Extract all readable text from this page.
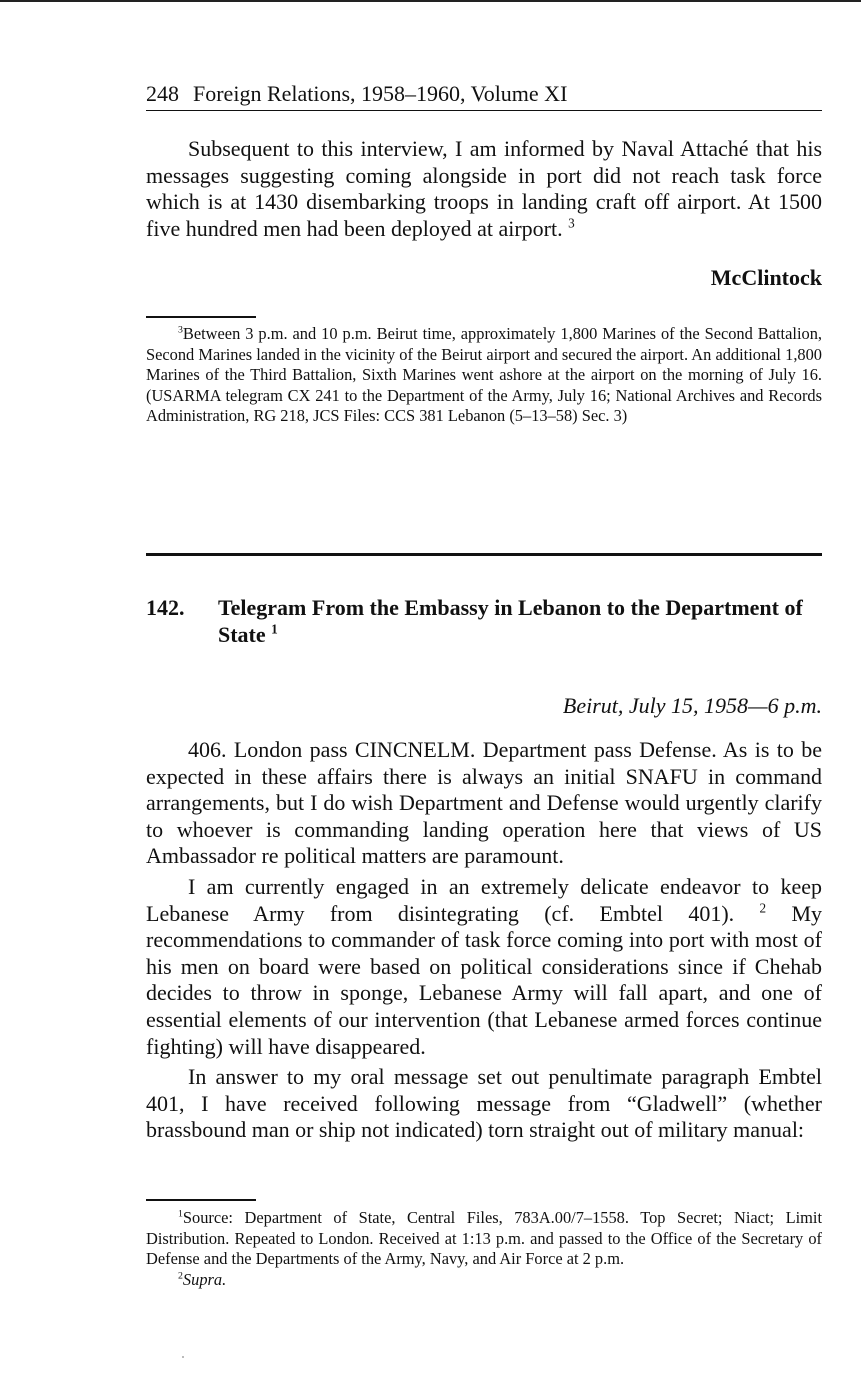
248 Foreign Relations, 1958–1960, Volume XI

Subsequent to this interview, I am informed by Naval Attaché that his messages suggesting coming alongside in port did not reach task force which is at 1430 disembarking troops in landing craft off airport. At 1500 five hundred men had been deployed at airport. $^3$

McClintock

$^3$Between 3 p.m. and 10 p.m. Beirut time, approximately 1,800 Marines of the Second Battalion, Second Marines landed in the vicinity of the Beirut airport and secured the airport. An additional 1,800 Marines of the Third Battalion, Sixth Marines went ashore at the airport on the morning of July 16. (USARMA telegram CX 241 to the Department of the Army, July 16; National Archives and Records Administration, RG 218, JCS Files: CCS 381 Lebanon (5–13–58) Sec. 3)

142. Telegram From the Embassy in Lebanon to the Department of State $^1$
Beirut, July 15, 1958—6 p.m.

406. London pass CINCNELM. Department pass Defense. As is to be expected in these affairs there is always an initial SNAFU in command arrangements, but I do wish Department and Defense would urgently clarify to whoever is commanding landing operation here that views of US Ambassador re political matters are paramount.

I am currently engaged in an extremely delicate endeavor to keep Lebanese Army from disintegrating (cf. Embtel 401). $^2$ My recommendations to commander of task force coming into port with most of his men on board were based on political considerations since if Chehab decides to throw in sponge, Lebanese Army will fall apart, and one of essential elements of our intervention (that Lebanese armed forces continue fighting) will have disappeared.

In answer to my oral message set out penultimate paragraph Embtel 401, I have received following message from “Gladwell” (whether brassbound man or ship not indicated) torn straight out of military manual:

$^1$Source: Department of State, Central Files, 783A.00/7–1558. Top Secret; Niact; Limit Distribution. Repeated to London. Received at 1:13 p.m. and passed to the Office of the Secretary of Defense and the Departments of the Army, Navy, and Air Force at 2 p.m.

$^2$Supra.
